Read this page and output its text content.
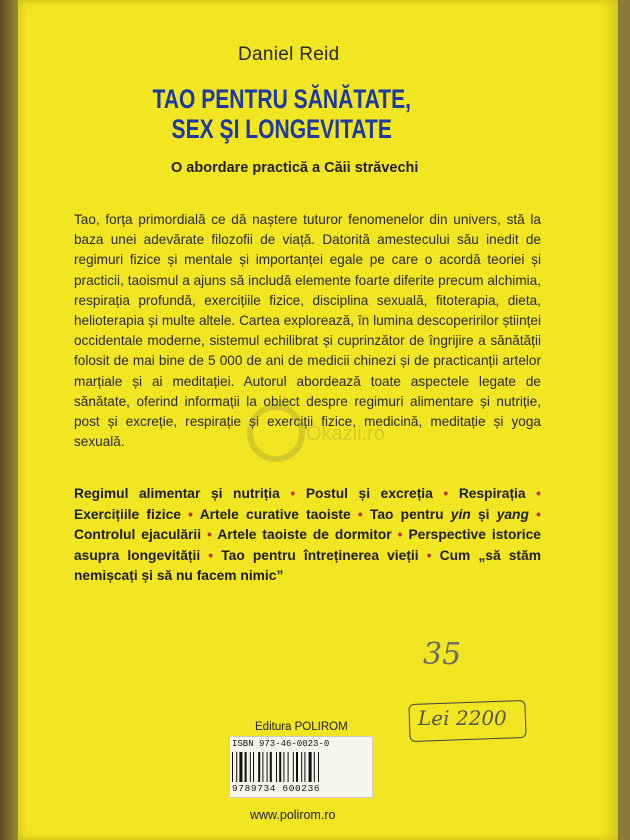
Daniel Reid
TAO PENTRU SĂNĂTATE,
SEX ŞI LONGEVITATE
O abordare practică a Căii străvechi
Tao, forța primordială ce dă naștere tuturor fenomenelor din univers, stă la baza unei adevărate filozofii de viață. Datorită amestecului său inedit de regimuri fizice și mentale și importanței egale pe care o acordă teoriei și practicii, taoismul a ajuns să includă elemente foarte diferite precum alchimia, respirația profundă, exercițiile fizice, disciplina sexuală, fitoterapia, dieta, helioterapia și multe altele. Cartea explorează, în lumina descoperirilor științei occidentale moderne, sistemul echilibrat și cuprinzător de îngrijire a sănătății folosit de mai bine de 5 000 de ani de medicii chinezi și de practicanții artelor marțiale și ai meditației. Autorul abordează toate aspectele legate de sănătate, oferind informații la obiect despre regimuri alimentare și nutriție, post și excreție, respirație și exerciții fizice, medicină, meditație și yoga sexuală.	Okazii.ro
Regimul alimentar și nutriția • Postul și excreția • Respirația • Exercițiile fizice • Artele curative taoiste • Tao pentru yin și yang • Controlul ejaculării • Artele taoiste de dormitor • Perspective istorice asupra longevității • Tao pentru întreținerea vieții • Cum „să stăm nemișcați și să nu facem nimic”
35
Lei 2200
Editura POLIROM
ISBN 973-46-0023-0
9789734 600236
www.polirom.ro
